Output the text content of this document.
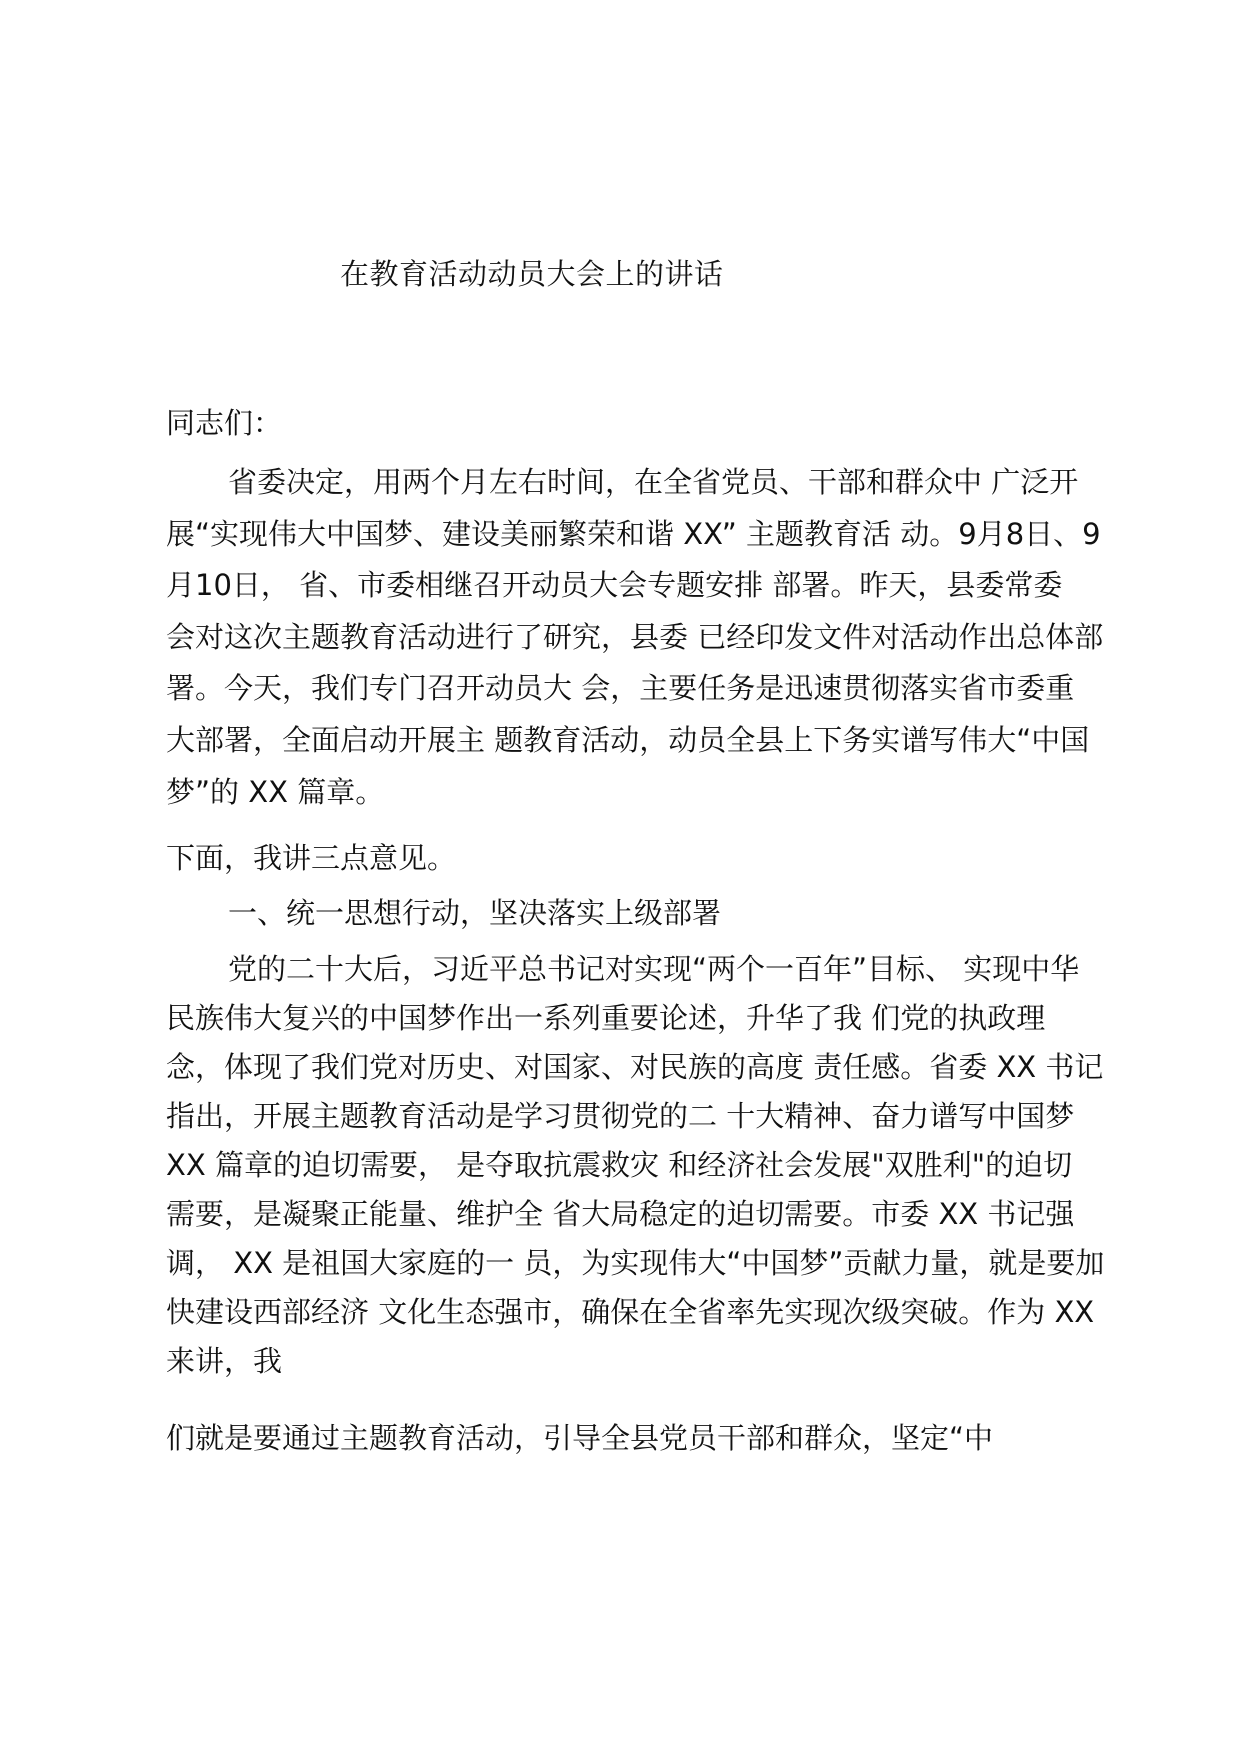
在教育活动动员大会上的讲话
同志们：
省委决定，用两个月左右时间，在全省党员、干部和群众中 广泛开
展“实现伟大中国梦、建设美丽繁荣和谐 XX” 主题教育活 动。9月8日、9
月10日， 省、市委相继召开动员大会专题安排 部署。昨天，县委常委
会对这次主题教育活动进行了研究，县委 已经印发文件对活动作出总体部
署。今天，我们专门召开动员大 会，主要任务是迅速贯彻落实省市委重
大部署，全面启动开展主 题教育活动，动员全县上下务实谱写伟大“中国
梦”的 XX 篇章。
下面，我讲三点意见。
一、统一思想行动，坚决落实上级部署
党的二十大后，习近平总书记对实现“两个一百年”目标、 实现中华
民族伟大复兴的中国梦作出一系列重要论述，升华了我 们党的执政理
念，体现了我们党对历史、对国家、对民族的高度 责任感。省委 XX 书记
指出，开展主题教育活动是学习贯彻党的二 十大精神、奋力谱写中国梦
XX 篇章的迫切需要， 是夺取抗震救灾 和经济社会发展"双胜利"的迫切
需要，是凝聚正能量、维护全 省大局稳定的迫切需要。市委 XX 书记强
调， XX 是祖国大家庭的一 员，为实现伟大“中国梦”贡献力量，就是要加
快建设西部经济 文化生态强市，确保在全省率先实现次级突破。作为 XX
来讲，我
们就是要通过主题教育活动，引导全县党员干部和群众，坚定“中
